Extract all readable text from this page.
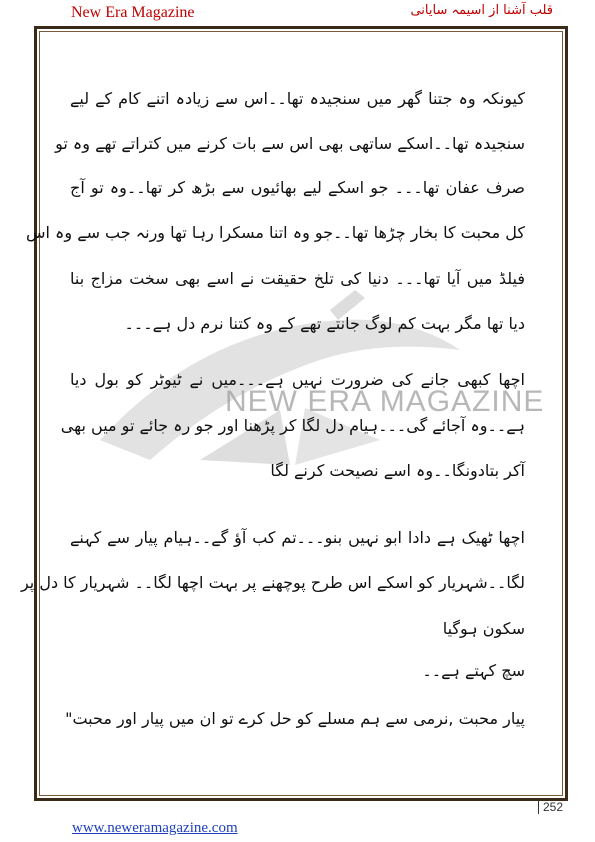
New Era Magazine	قلب آشنا از اسیمہ سایانی
NEW ERA MAGAZINE
کیونکہ وہ جتنا گھر میں سنجیدہ تھا۔۔اس سے زیادہ اتنے کام کے لیے
سنجیدہ تھا۔۔اسکے ساتھی بھی اس سے بات کرنے میں کتراتے تھے وہ تو
صرف عفان تھا۔۔۔ جو اسکے لیے بھائیوں سے بڑھ کر تھا۔۔وہ تو آج
کل محبت کا بخار چڑھا تھا۔۔جو وہ اتنا مسکرا رہا تھا ورنہ جب سے وہ اس
فیلڈ میں آیا تھا۔۔۔ دنیا کی تلخ حقیقت نے اسے بھی سخت مزاج بنا
دیا تھا مگر بہت کم لوگ جانتے تھے کے وہ کتنا نرم دل ہے۔۔۔
اچھا کبھی جانے کی ضرورت نہیں ہے۔۔۔میں نے ٹیوٹر کو بول دیا
ہے۔۔وہ آجائے گی۔۔۔ہیام دل لگا کر پڑھنا اور جو رہ جائے تو میں بھی
آکر بتادونگا۔۔وہ اسے نصیحت کرنے لگا
اچھا ٹھیک ہے دادا ابو نہیں بنو۔۔۔تم کب آؤ گے۔۔ہیام پیار سے کہنے
لگا۔۔شہریار کو اسکے اس طرح پوچھنے پر بہت اچھا لگا۔۔ شہریار کا دل پر
سکون ہوگیا
سچ کہتے ہے۔۔
پیار محبت ,نرمی سے ہم مسلے کو حل کرے تو ان میں پیار اور محبت"
252
www.neweramagazine.com
